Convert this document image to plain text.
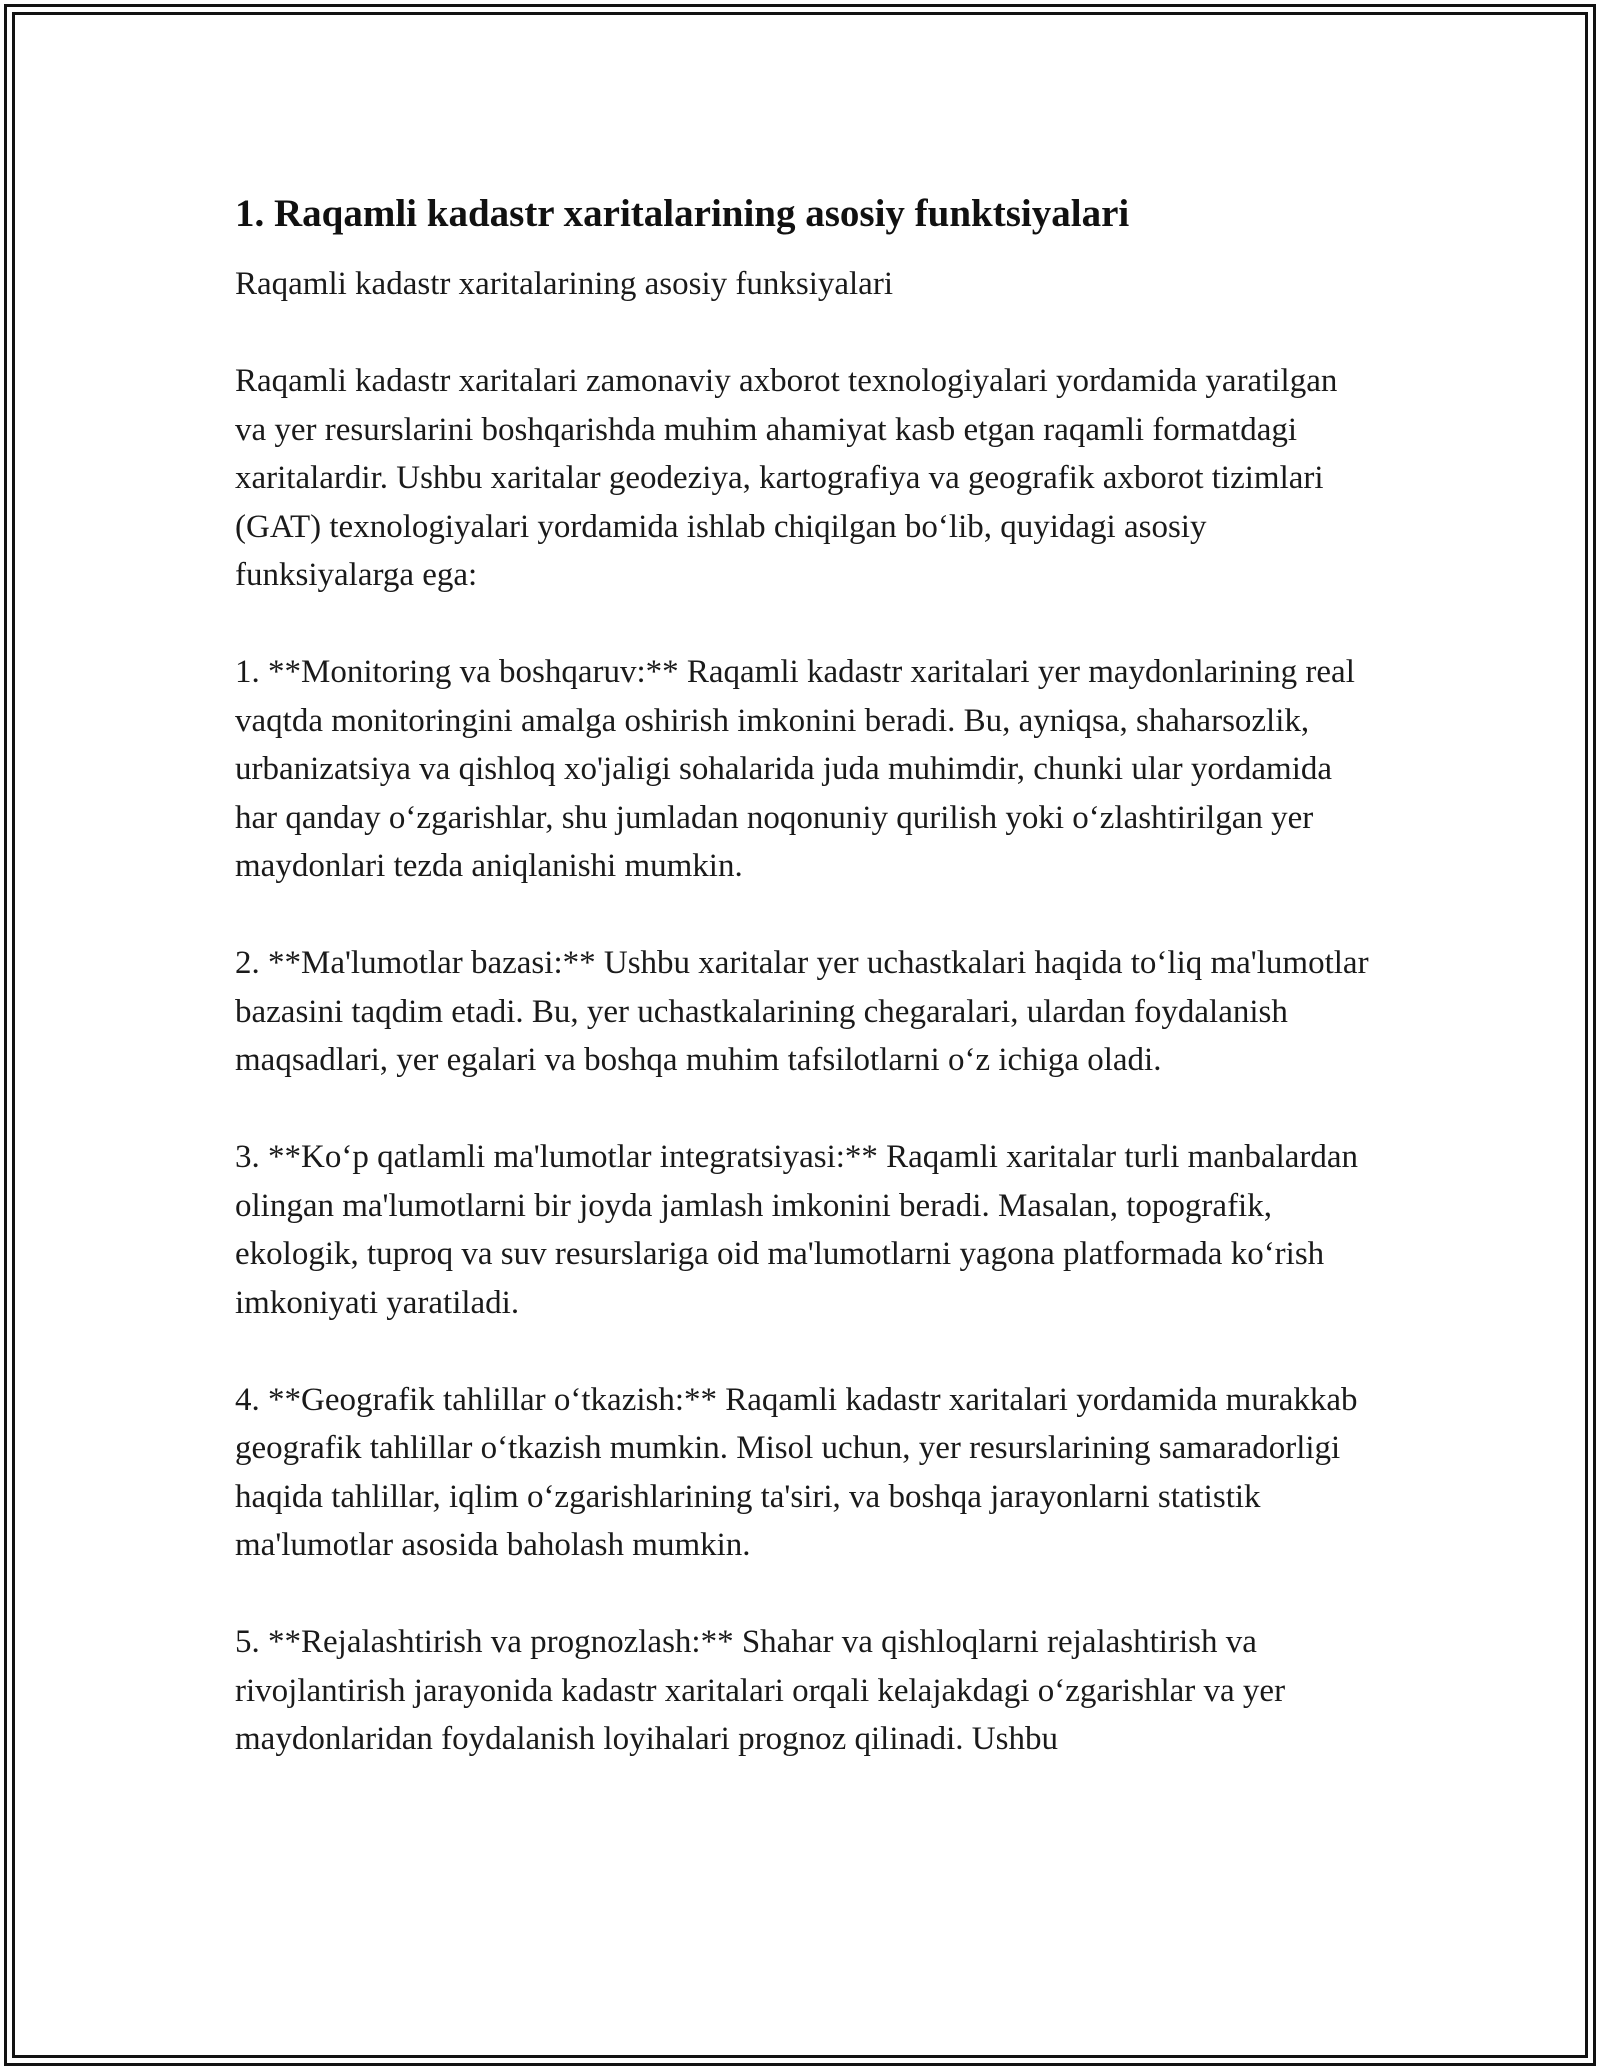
1. Raqamli kadastr xaritalarining asosiy funktsiyalari

Raqamli kadastr xaritalarining asosiy funksiyalari

Raqamli kadastr xaritalari zamonaviy axborot texnologiyalari yordamida yaratilgan va yer resurslarini boshqarishda muhim ahamiyat kasb etgan raqamli formatdagi xaritalardir. Ushbu xaritalar geodeziya, kartografiya va geografik axborot tizimlari (GAT) texnologiyalari yordamida ishlab chiqilgan bo‘lib, quyidagi asosiy funksiyalarga ega:

1. **Monitoring va boshqaruv:** Raqamli kadastr xaritalari yer maydonlarining real vaqtda monitoringini amalga oshirish imkonini beradi. Bu, ayniqsa, shaharsozlik, urbanizatsiya va qishloq xo'jaligi sohalarida juda muhimdir, chunki ular yordamida har qanday o‘zgarishlar, shu jumladan noqonuniy qurilish yoki o‘zlashtirilgan yer maydonlari tezda aniqlanishi mumkin.

2. **Ma'lumotlar bazasi:** Ushbu xaritalar yer uchastkalari haqida to‘liq ma'lumotlar bazasini taqdim etadi. Bu, yer uchastkalarining chegaralari, ulardan foydalanish maqsadlari, yer egalari va boshqa muhim tafsilotlarni o‘z ichiga oladi.

3. **Ko‘p qatlamli ma'lumotlar integratsiyasi:** Raqamli xaritalar turli manbalardan olingan ma'lumotlarni bir joyda jamlash imkonini beradi. Masalan, topografik, ekologik, tuproq va suv resurslariga oid ma'lumotlarni yagona platformada ko‘rish imkoniyati yaratiladi.

4. **Geografik tahlillar o‘tkazish:** Raqamli kadastr xaritalari yordamida murakkab geografik tahlillar o‘tkazish mumkin. Misol uchun, yer resurslarining samaradorligi haqida tahlillar, iqlim o‘zgarishlarining ta'siri, va boshqa jarayonlarni statistik ma'lumotlar asosida baholash mumkin.

5. **Rejalashtirish va prognozlash:** Shahar va qishloqlarni rejalashtirish va rivojlantirish jarayonida kadastr xaritalari orqali kelajakdagi o‘zgarishlar va yer maydonlaridan foydalanish loyihalari prognoz qilinadi. Ushbu
